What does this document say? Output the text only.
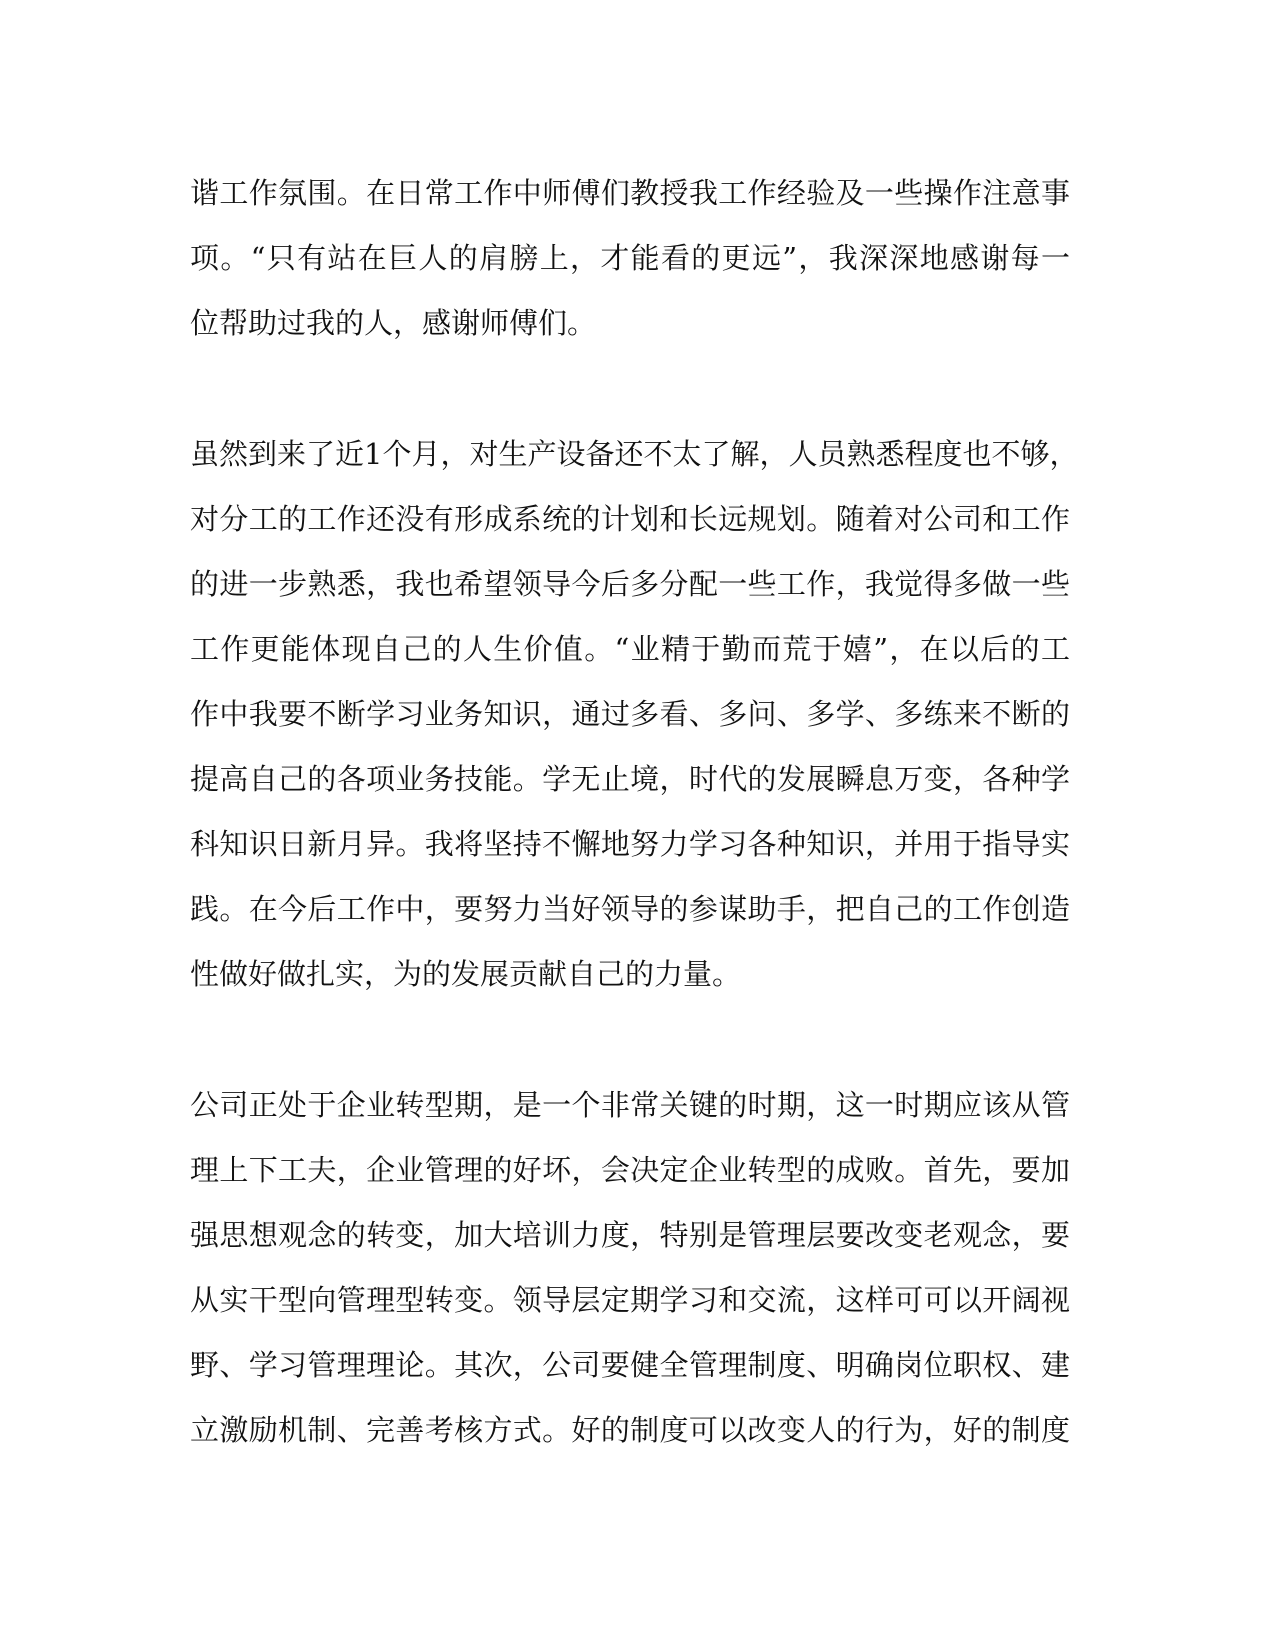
谐工作氛围。在日常工作中师傅们教授我工作经验及一些操作注意事
项。“只有站在巨人的肩膀上，才能看的更远”，我深深地感谢每一
位帮助过我的人，感谢师傅们。
虽然到来了近1个月，对生产设备还不太了解，人员熟悉程度也不够，
对分工的工作还没有形成系统的计划和长远规划。随着对公司和工作
的进一步熟悉，我也希望领导今后多分配一些工作，我觉得多做一些
工作更能体现自己的人生价值。“业精于勤而荒于嬉”，在以后的工
作中我要不断学习业务知识，通过多看、多问、多学、多练来不断的
提高自己的各项业务技能。学无止境，时代的发展瞬息万变，各种学
科知识日新月异。我将坚持不懈地努力学习各种知识，并用于指导实
践。在今后工作中，要努力当好领导的参谋助手，把自己的工作创造
性做好做扎实，为的发展贡献自己的力量。
公司正处于企业转型期，是一个非常关键的时期，这一时期应该从管
理上下工夫，企业管理的好坏，会决定企业转型的成败。首先，要加
强思想观念的转变，加大培训力度，特别是管理层要改变老观念，要
从实干型向管理型转变。领导层定期学习和交流，这样可可以开阔视
野、学习管理理论。其次，公司要健全管理制度、明确岗位职权、建
立激励机制、完善考核方式。好的制度可以改变人的行为，好的制度
